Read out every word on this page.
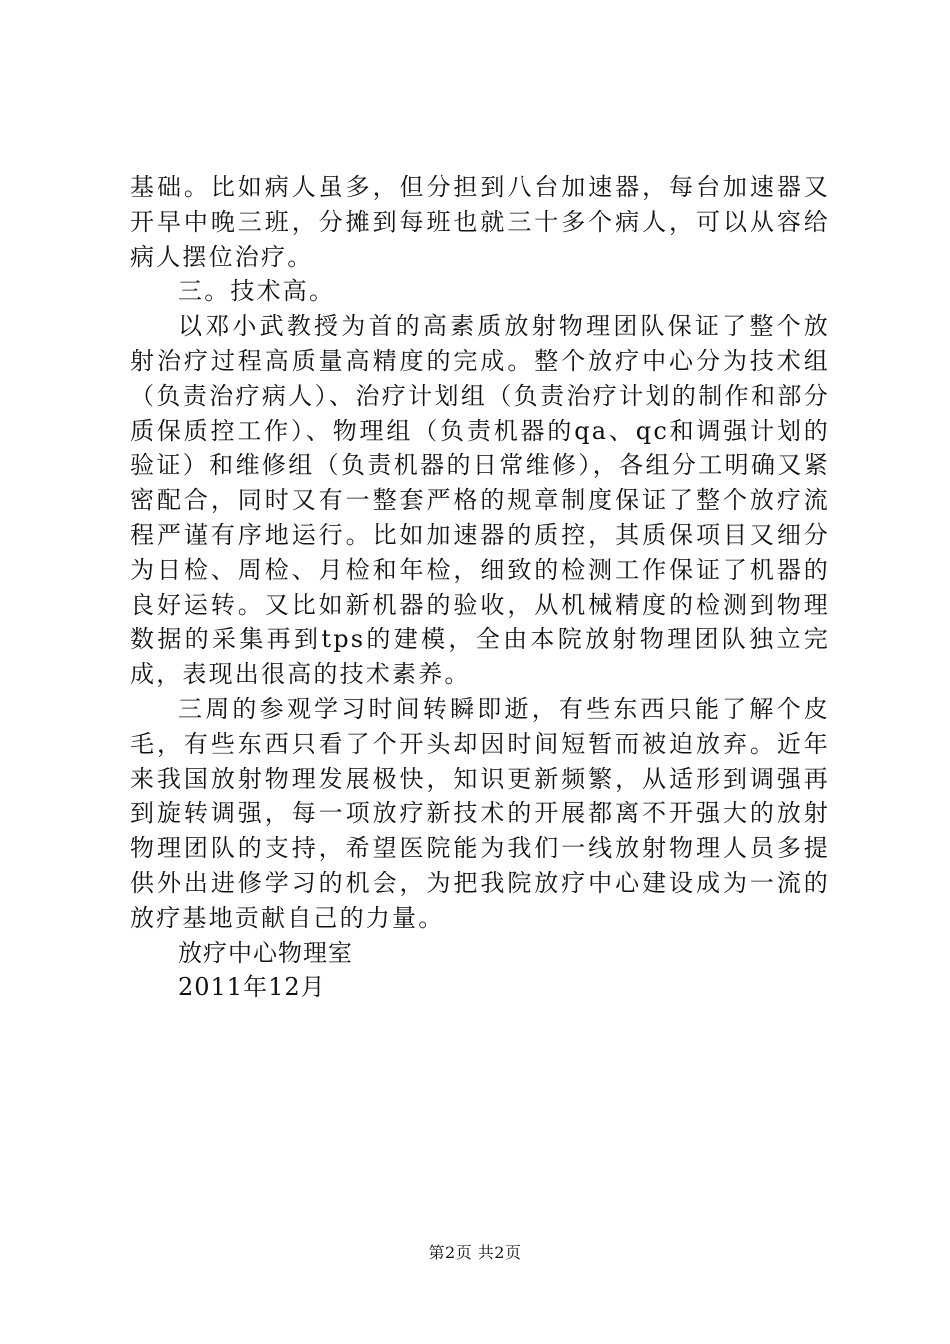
基础。比如病人虽多，但分担到八台加速器，每台加速器又开早中晚三班，分摊到每班也就三十多个病人，可以从容给病人摆位治疗。

三。技术高。

以邓小武教授为首的高素质放射物理团队保证了整个放射治疗过程高质量高精度的完成。整个放疗中心分为技术组（负责治疗病人）、治疗计划组（负责治疗计划的制作和部分质保质控工作）、物理组（负责机器的qa、qc和调强计划的验证）和维修组（负责机器的日常维修），各组分工明确又紧密配合，同时又有一整套严格的规章制度保证了整个放疗流程严谨有序地运行。比如加速器的质控，其质保项目又细分为日检、周检、月检和年检，细致的检测工作保证了机器的良好运转。又比如新机器的验收，从机械精度的检测到物理数据的采集再到tps的建模，全由本院放射物理团队独立完成，表现出很高的技术素养。

三周的参观学习时间转瞬即逝，有些东西只能了解个皮毛，有些东西只看了个开头却因时间短暂而被迫放弃。近年来我国放射物理发展极快，知识更新频繁，从适形到调强再到旋转调强，每一项放疗新技术的开展都离不开强大的放射物理团队的支持，希望医院能为我们一线放射物理人员多提供外出进修学习的机会，为把我院放疗中心建设成为一流的放疗基地贡献自己的力量。

放疗中心物理室

2011年12月

第2页 共2页
